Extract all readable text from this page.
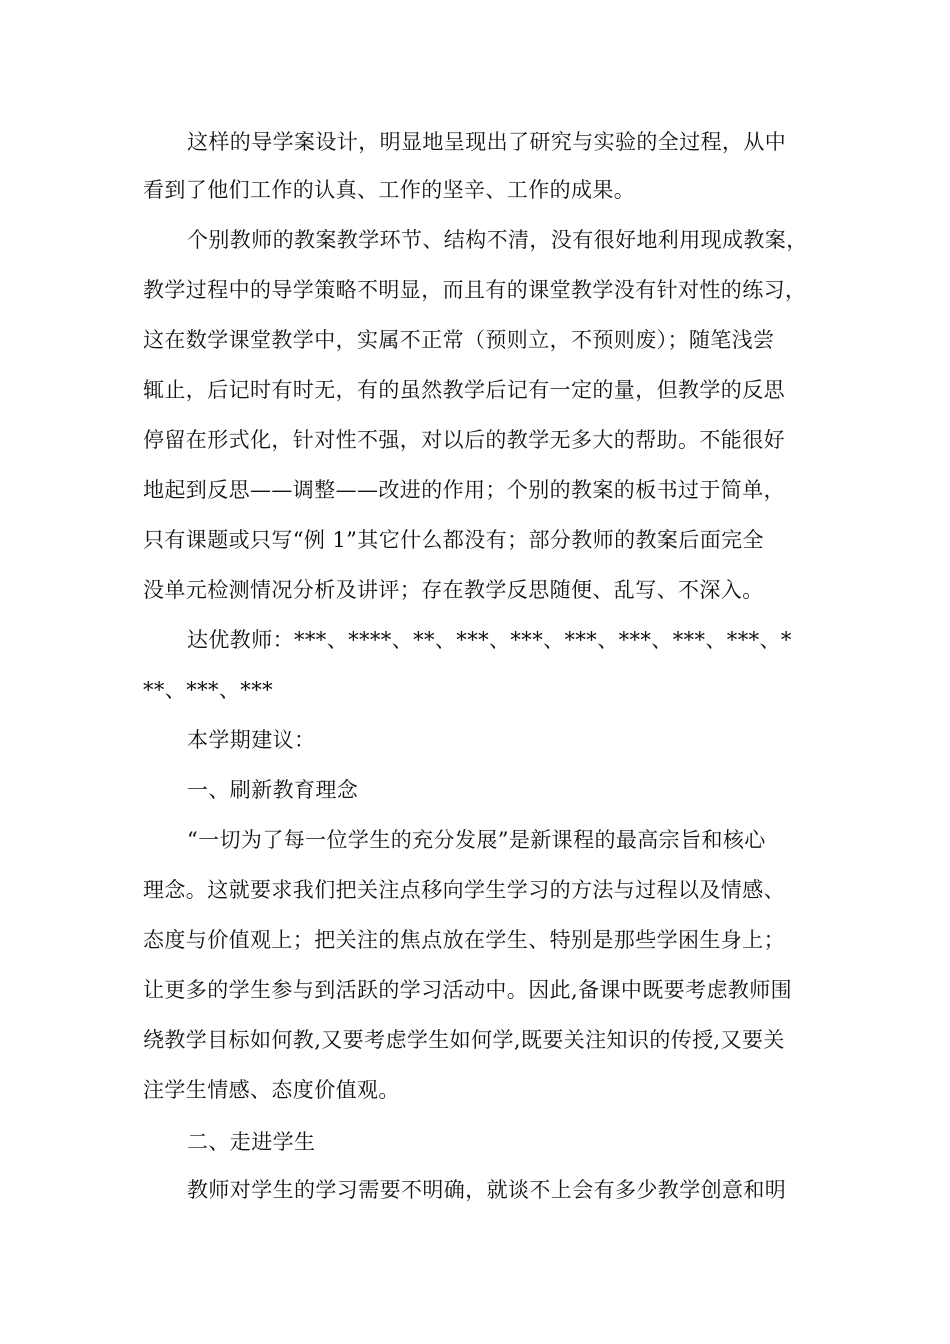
这样的导学案设计，明显地呈现出了研究与实验的全过程，从中
看到了他们工作的认真、工作的坚辛、工作的成果。
个别教师的教案教学环节、结构不清，没有很好地利用现成教案，
教学过程中的导学策略不明显，而且有的课堂教学没有针对性的练习，
这在数学课堂教学中，实属不正常（预则立，不预则废）；随笔浅尝
辄止，后记时有时无，有的虽然教学后记有一定的量，但教学的反思
停留在形式化，针对性不强，对以后的教学无多大的帮助。不能很好
地起到反思——调整——改进的作用；个别的教案的板书过于简单，
只有课题或只写“例 1”其它什么都没有；部分教师的教案后面完全
没单元检测情况分析及讲评；存在教学反思随便、乱写、不深入。
达优教师：***、****、**、***、***、***、***、***、***、*
**、***、***
本学期建议：
一、刷新教育理念
“一切为了每一位学生的充分发展”是新课程的最高宗旨和核心
理念。这就要求我们把关注点移向学生学习的方法与过程以及情感、
态度与价值观上；把关注的焦点放在学生、特别是那些学困生身上；
让更多的学生参与到活跃的学习活动中。因此,备课中既要考虑教师围
绕教学目标如何教,又要考虑学生如何学,既要关注知识的传授,又要关
注学生情感、态度价值观。
二、走进学生
教师对学生的学习需要不明确，就谈不上会有多少教学创意和明
